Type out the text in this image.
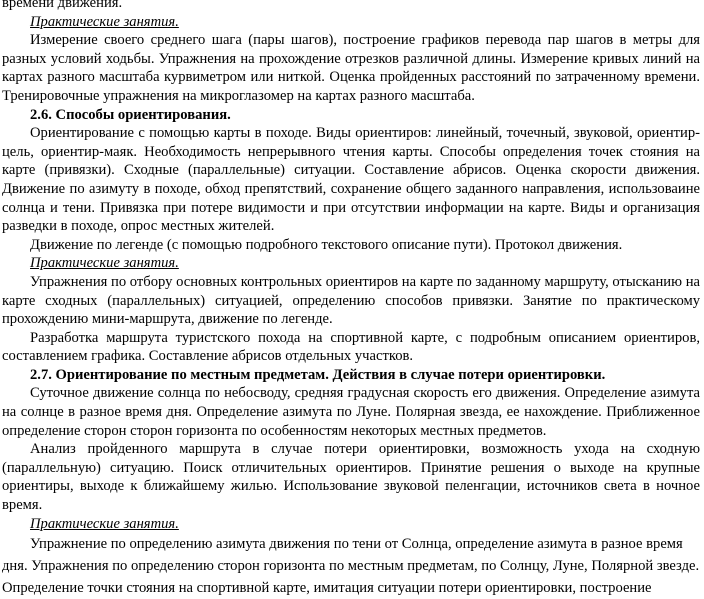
времени движения.

Практические занятия.

Измерение своего среднего шага (пары шагов), построение графиков перевода пар шагов в метры для разных условий ходьбы. Упражнения на прохождение отрезков различной длины. Измерение кривых линий на картах разного масштаба курвиметром или ниткой. Оценка пройденных расстояний по затраченному времени. Тренировочные упражнения на микроглазомер на картах разного масштаба.

2.6. Способы ориентирования.

Ориентирование с помощью карты в походе. Виды ориентиров: линейный, точечный, звуковой, ориентир-цель, ориентир-маяк. Необходимость непрерывного чтения карты. Способы определения точек стояния на карте (привязки). Сходные (параллельные) ситуации. Составление абрисов. Оценка скорости движения. Движение по азимуту в походе, обход препятствий, сохранение общего заданного направления, использоваине солнца и тени. Привязка при потере видимости и при отсутствии информации на карте. Виды и организация разведки в походе, опрос местных жителей.

Движение по легенде (с помощью подробного текстового описание пути). Протокол движения.

Практические занятия.

Упражнения по отбору основных контрольных ориентиров на карте по заданному маршруту, отысканию на карте сходных (параллельных) ситуацией, определению способов привязки. Занятие по практическому прохождению мини-маршрута, движение по легенде.

Разработка маршрута туристского похода на спортивной карте, с подробным описанием ориентиров, составлением графика. Составление абрисов отдельных участков.

2.7. Ориентирование по местным предметам. Действия в случае потери ориентировки.

Суточное движение солнца по небосводу, средняя градусная скорость его движения. Определение азимута на солнце в разное время дня. Определение азимута по Луне. Полярная звезда, ее нахождение. Приближенное определение сторон сторон горизонта по особенностям некоторых местных предметов.

Анализ пройденного маршрута в случае потери ориентировки, возможность ухода на сходную (параллельную) ситуацию. Поиск отличительных ориентиров. Принятие решения о выходе на крупные ориентиры, выходе к ближайшему жилью. Использование звуковой пеленгации, источников света в ночное время.

Практические занятия.

Упражнение по определению азимута движения по тени от Солнца, определение азимута в разное время

дня. Упражнения по определению сторон горизонта по местным предметам, по Солнцу, Луне, Полярной звезде.

Определение точки стояния на спортивной карте, имитация ситуации потери ориентировки, построение
